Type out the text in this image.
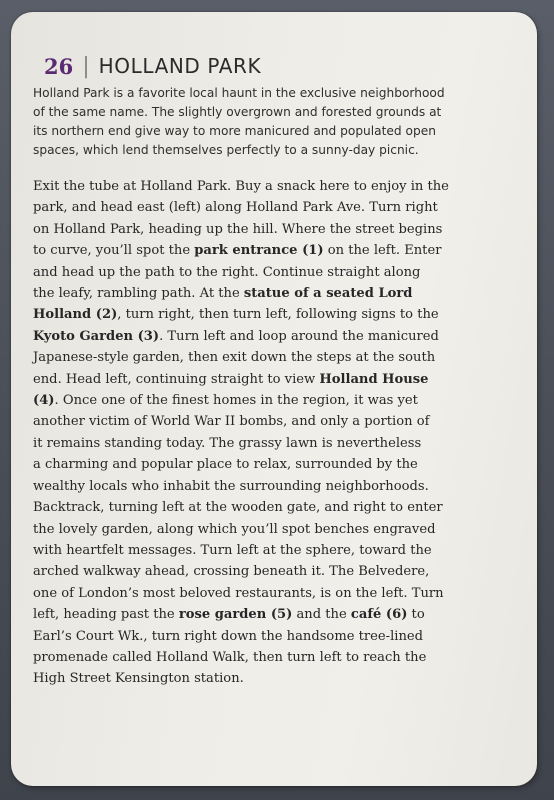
26 | HOLLAND PARK
Holland Park is a favorite local haunt in the exclusive neighborhood
of the same name. The slightly overgrown and forested grounds at
its northern end give way to more manicured and populated open
spaces, which lend themselves perfectly to a sunny-day picnic.
Exit the tube at Holland Park. Buy a snack here to enjoy in the
park, and head east (left) along Holland Park Ave. Turn right
on Holland Park, heading up the hill. Where the street begins
to curve, you’ll spot the park entrance (1) on the left. Enter
and head up the path to the right. Continue straight along
the leafy, rambling path. At the statue of a seated Lord
Holland (2), turn right, then turn left, following signs to the
Kyoto Garden (3). Turn left and loop around the manicured
Japanese-style garden, then exit down the steps at the south
end. Head left, continuing straight to view Holland House
(4). Once one of the finest homes in the region, it was yet
another victim of World War II bombs, and only a portion of
it remains standing today. The grassy lawn is nevertheless
a charming and popular place to relax, surrounded by the
wealthy locals who inhabit the surrounding neighborhoods.
Backtrack, turning left at the wooden gate, and right to enter
the lovely garden, along which you’ll spot benches engraved
with heartfelt messages. Turn left at the sphere, toward the
arched walkway ahead, crossing beneath it. The Belvedere,
one of London’s most beloved restaurants, is on the left. Turn
left, heading past the rose garden (5) and the café (6) to
Earl’s Court Wk., turn right down the handsome tree-lined
promenade called Holland Walk, then turn left to reach the
High Street Kensington station.
